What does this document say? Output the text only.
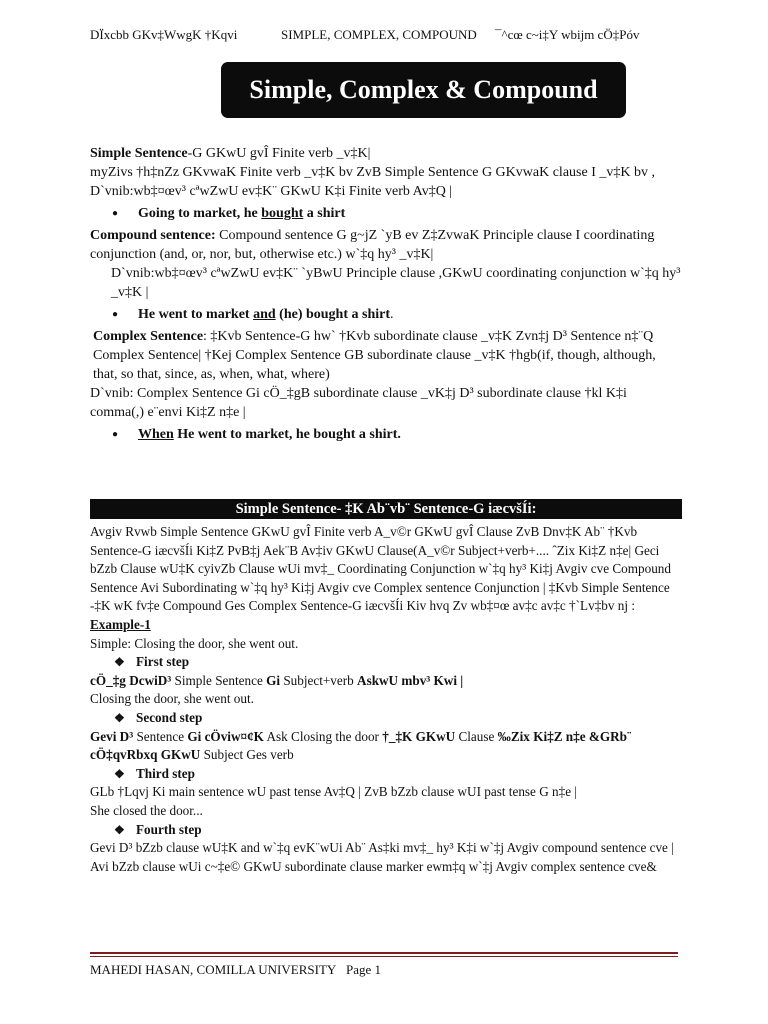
DÏxcbb GKv‡WwgK †Kqvi	SIMPLE, COMPLEX, COMPOUND ¯^cœ c~i‡Y wbijm cÖ‡Póv
Simple, Complex & Compound

Simple Sentence-G GKwU gvÎ Finite verb _v‡K|

myZivs †h‡nZz GKvwaK Finite verb _v‡K bv ZvB Simple Sentence G GKvwaK clause I _v‡K bv ,

D`vnib:wb‡¤œv³ cªwZwU ev‡K¨ GKwU K‡i Finite verb Av‡Q |

● Going to market, he bought a shirt

Compound sentence: Compound sentence G g~jZ `yB ev Z‡ZvwaK Principle clause I coordinating conjunction (and, or, nor, but, otherwise etc.) w`‡q hy³ _v‡K|

D`vnib:wb‡¤œv³ cªwZwU ev‡K¨ `yBwU Principle clause ,GKwU coordinating conjunction w`‡q hy³ _v‡K |

● He went to market and (he) bought a shirt.

Complex Sentence: ‡Kvb Sentence-G hw` †Kvb subordinate clause _v‡K Zvn‡j D³ Sentence n‡¨Q Complex Sentence| †Kej Complex Sentence GB subordinate clause _v‡K †hgb(if, though, although, that, so that, since, as, when, what, where)

D`vnib: Complex Sentence Gi cÖ_‡gB subordinate clause _vK‡j D³ subordinate clause †kl K‡i comma(,) e¨envi Ki‡Z n‡e |

● When He went to market, he bought a shirt.
Simple Sentence- ‡K Ab¨vb¨ Sentence-G iæcvšÍi:

Avgiv Rvwb Simple Sentence GKwU gvÎ Finite verb A_v©r GKwU gvÎ Clause ZvB Dnv‡K Ab¨ †Kvb Sentence-G iæcvšÍi Ki‡Z PvB‡j Aek¨B Av‡iv GKwU Clause(A_v©r Subject+verb+.... ˆZix Ki‡Z n‡e| Geci bZzb Clause wU‡K cyivZb Clause wUi mv‡_ Coordinating Conjunction w`‡q hy³ Ki‡j Avgiv cve Compound Sentence Avi Subordinating w`‡q hy³ Ki‡j Avgiv cve Complex sentence Conjunction | ‡Kvb Simple Sentence -‡K wK fv‡e Compound Ges Complex Sentence-G iæcvšÍi Kiv hvq Zv wb‡¤œ av‡c av‡c †`Lv‡bv nj :

Example-1

Simple: Closing the door, she went out.

❖ First step

cÖ_‡g DcwiD³ Simple Sentence Gi Subject+verb AskwU mbv³ Kwi |

Closing the door, she went out.

❖ Second step

Gevi D³ Sentence Gi cÖviw¤¢K Ask Closing the door †_‡K GKwU Clause ‰Zix Ki‡Z n‡e &GRb¨ cÖ‡qvRbxq GKwU Subject Ges verb

❖ Third step

GLb †Lqvj Ki main sentence wU past tense Av‡Q | ZvB bZzb clause wUI past tense G n‡e |

She closed the door...

❖ Fourth step

Gevi D³ bZzb clause wU‡K and w`‡q evK¨wUi Ab¨ As‡ki mv‡_ hy³ K‡i w`‡j Avgiv compound sentence cve | Avi bZzb clause wUi c~‡e© GKwU subordinate clause marker ewm‡q w`‡j Avgiv complex sentence cve&

MAHEDI HASAN, COMILLA UNIVERSITY Page 1
